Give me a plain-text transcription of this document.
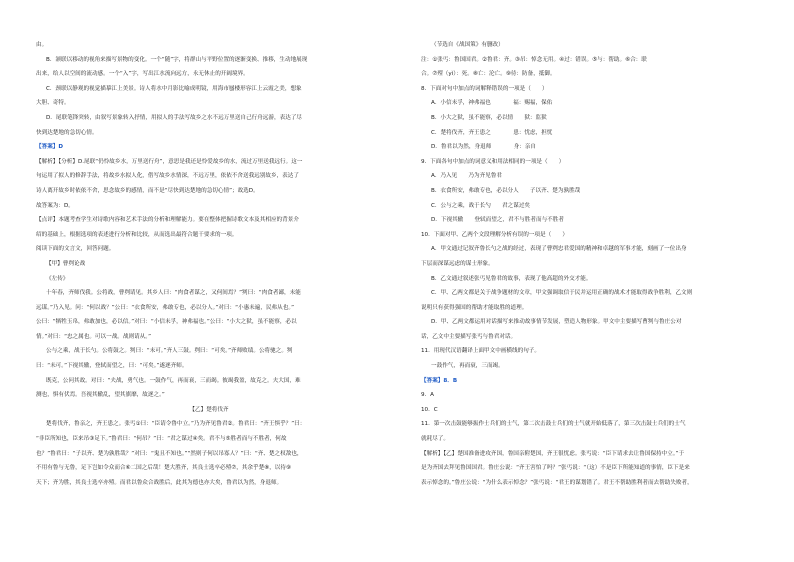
由。
B．颔联以移动的视角来描写景物的变化。一个“随”字，将群山与平野位置的逐渐变换、推移，生动地展现
出来，给人以空间的流动感。一个“入”字，写出江水流向远方，永无休止的开阔境界。
C．颈联以静观的视觉描摹江上美景。诗人将水中月影比喻成明镜，用海市蜃楼形容江上云霞之美，想象
大胆、奇特。
D．尾联笔锋突转，由叙写景象转入抒情，用拟人的手法写故乡之水不远万里送自己行舟远游，表达了尽
快到达楚地的急切心情。
【答案】D
【解析】【分析】D.尾联“仍怜故乡水，万里送行舟”，意思是我还是怜爱故乡的水，流过万里送我远行。这一
句运用了拟人的修辞手法，将故乡水拟人化，借写故乡水情深，不远万里，依依不舍送我远别故乡，表达了
诗人离开故乡时依依不舍，思念故乡的感情，而不是“尽快到达楚地的急切心情”；故选D。
故答案为：D。
【点评】本题考查学生对诗歌内容和艺术手法的分析和理解能力。要在整体把握诗歌文本及其相应的背景介
绍的基础上，根据选项的表述进行分析和比较，从而选出最符合题干要求的一项。
阅读下面的文言文，回答问题。
【甲】曹刿论战
《左传》
十年春，齐师伐我。公将战，曹刿请见。其乡人曰：“肉食者谋之，又何间焉？”刿曰：“肉食者鄙，未能
远谋。”乃入见。问：“何以战？”公曰：“衣食所安，弗敢专也，必以分人。”对曰：“小惠未遍，民弗从也。”
公曰：“牺牲玉帛，弗敢加也，必以信。”对曰：“小信未孚，神弗福也。”公曰：“小大之狱，虽不能察，必以
情。”对曰：“忠之属也。可以一战。战则请从。”
公与之乘，战于长勺。公将鼓之。刿曰：“未可。”齐人三鼓。刿曰：“可矣。”齐师败绩。公将驰之。刿
曰：“未可。”下视其辙，登轼而望之，曰：“可矣。”遂逐齐师。
既克，公问其故。对曰：“夫战，勇气也。一鼓作气，再而衰，三而竭。彼竭我盈，故克之。夫大国，难
测也，惧有伏焉。吾视其辙乱，望其旗靡，故逐之。”
【乙】楚将伐齐
楚将伐齐，鲁亲之，齐王患之。张丐①曰：“臣请令鲁中立。”乃为齐见鲁君②。鲁君曰：“齐王惧乎？”曰：
“非臣所知也，臣来吊③足下。”鲁君曰：“何吊？”曰：“君之谋过④矣。君不与⑤胜者而与不胜者，何故
也？”鲁君曰：“子以齐、楚为孰胜哉？”对曰：“鬼且不知也。”“然则子何以吊寡人？”曰：“齐、楚之权敌也，
不用有鲁与无鲁，足下岂如令众而合⑥二国之后哉！楚大胜齐，其良士选卒必殪⑦，其余乎楚⑧，以待⑨
天下；齐为胜，其良士选卒亦殪。而君以鲁众合战胜后，此其为德也亦大矣，鲁君以为然，身退师。
（节选自《战国策》有删改）
注：①张丐：鲁国国君。②鲁君：齐。③吊：悼念无用。④过：错误。⑤与：帮助。⑥合：联
合。⑦殪（yì）：死。⑧亡：沦亡。⑨待：防备，抵御。
8．下面对句中加点的词解释错误的一项是（　　）
A．小信未孚，神弗福也　　　　福：赐福，保佑
B．小大之狱，虽不能察，必以情　　狱：监狱
C．楚将伐齐，齐王患之　　　　患：忧虑，担忧
D．鲁君以为然，身退师　　　　身：亲自
9．下面各句中加点的词意义和用法相同的一项是（　　）
A．乃入见　　乃为齐见鲁君
B．衣食所安，弗敢专也，必以分人　　子以齐、楚为孰胜哉
C．公与之乘，战于长勺　　君之谋过矣
D．下视其辙　　登轼而望之，君不与胜者而与不胜者
10．下面对甲、乙两个文段理解分析有误的一项是（　　）
A．甲文通过记叙齐鲁长勺之战的经过，表现了曹刿忠君爱国的精神和卓越的军事才能，刻画了一位出身
下层而深谋远虑的谋士形象。
B．乙文通过叙述张丐见鲁君的故事，表现了他高超的外交才能。
C．甲、乙两文都是关于战争题材的文章，甲文强调取信于民并运用正确的战术才能取得战争胜利，乙文则
说明只有获得强国的帮助才能取胜的道理。
D．甲、乙两文都运用对话描写来推动故事情节发展，塑造人物形象。甲文中主要描写曹刿与鲁庄公对
话，乙文中主要描写张丐与鲁君对话。
11．用现代汉语翻译上面甲文中画横线的句子。
一鼓作气，再而衰，三而竭。
【答案】8．B
9．A
10．C
11．第一次击鼓能够振作士兵们的士气，第二次击鼓士兵们的士气就开始低落了，第三次击鼓士兵们的士气
就耗尽了。
【解析】【乙】楚国准备进攻齐国，鲁国亲附楚国，齐王很忧虑。张丐说：“臣下请求去让鲁国保持中立。”于
是为齐国去拜见鲁国国君。鲁庄公说：“齐王害怕了吗？”张丐说：“（这）不是臣下所能知道的事情，臣下是来
表示悼念的。”鲁庄公说：“为什么表示悼念？”张丐说：“君王的谋划错了。君王不帮助胜利者而去帮助失败者，
